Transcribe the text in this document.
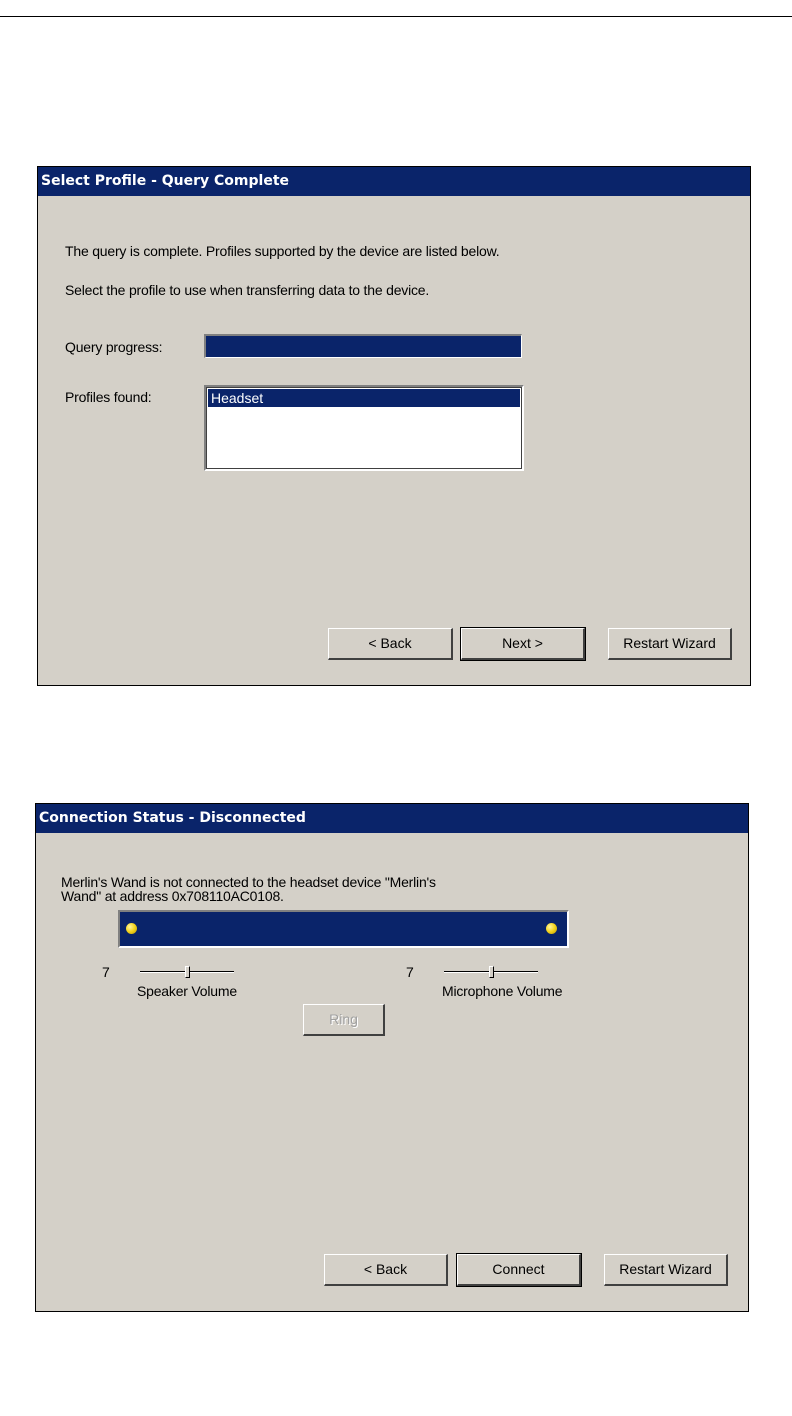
Select Profile - Query Complete
The query is complete. Profiles supported by the device are listed below.
Select the profile to use when transferring data to the device.
Query progress:
Profiles found:	Headset
< Back	Next >	Restart Wizard
Connection Status - Disconnected
Merlin's Wand is not connected to the headset device "Merlin's
Wand" at address 0x708110AC0108.
7
Speaker Volume
7
Microphone Volume
Ring
< Back	Connect	Restart Wizard
